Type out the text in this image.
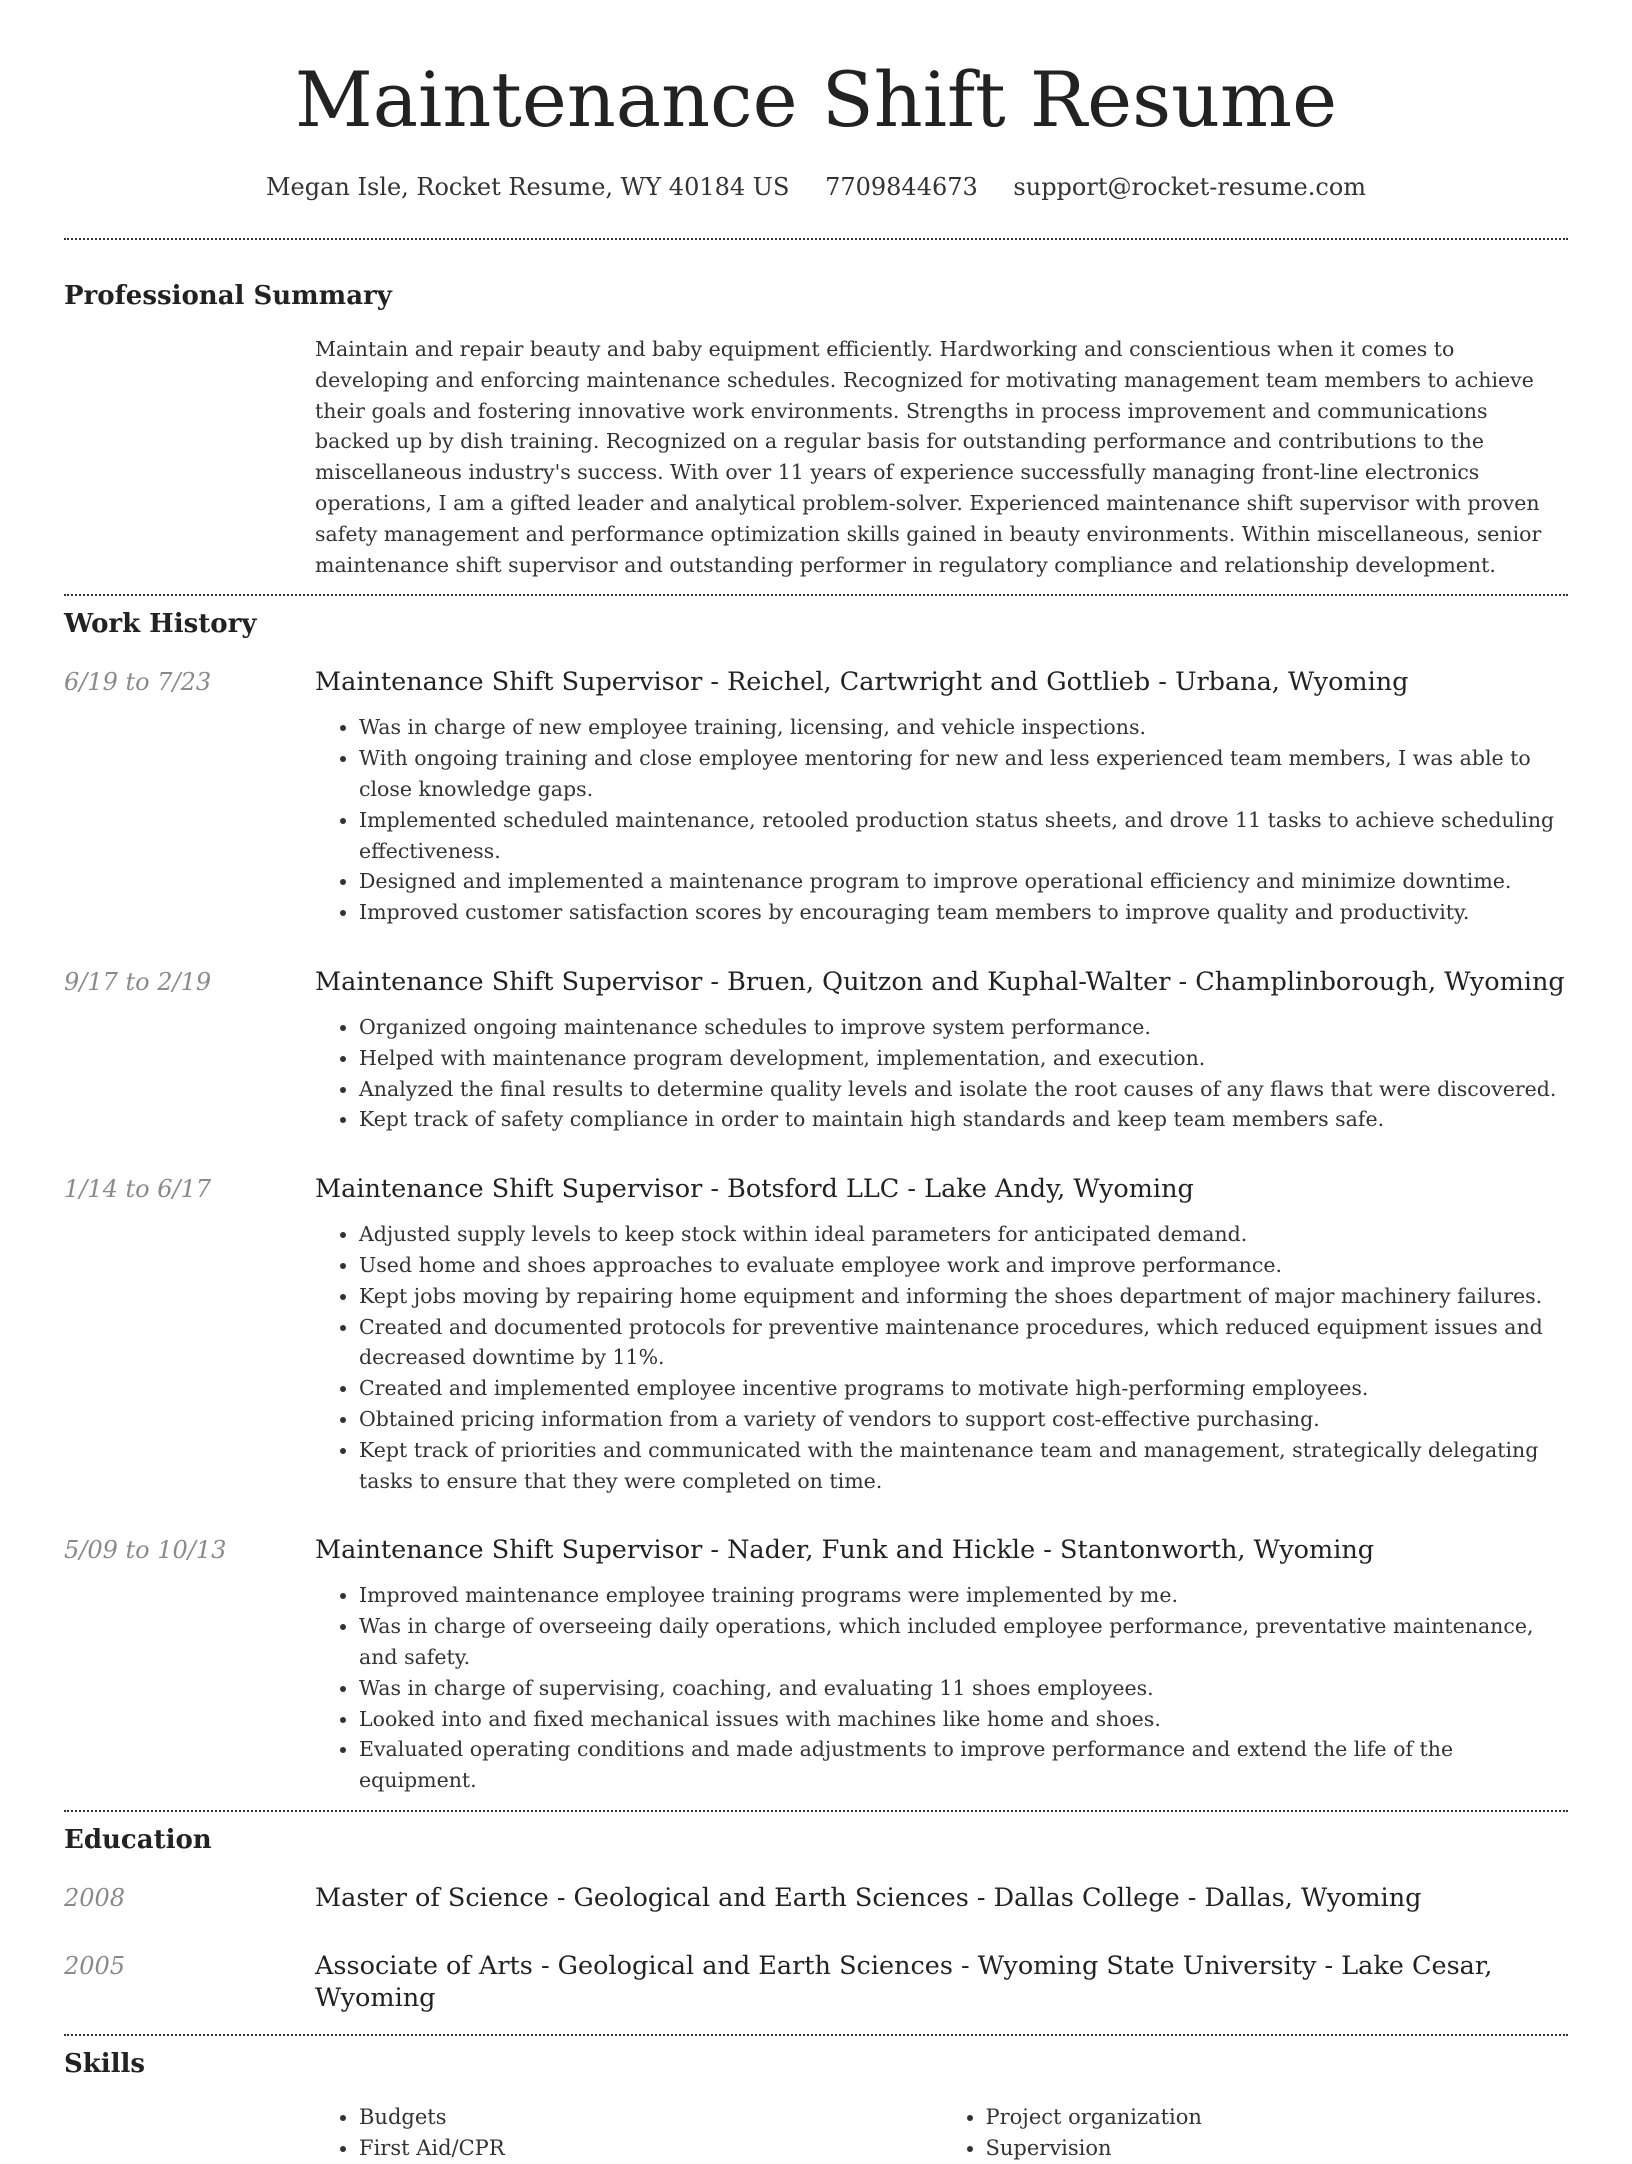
Maintenance Shift Resume
Megan Isle, Rocket Resume, WY 40184 US 7709844673 support@rocket-resume.com
Professional Summary
Maintain and repair beauty and baby equipment efficiently. Hardworking and conscientious when it comes to developing and enforcing maintenance schedules. Recognized for motivating management team members to achieve their goals and fostering innovative work environments. Strengths in process improvement and communications backed up by dish training. Recognized on a regular basis for outstanding performance and contributions to the miscellaneous industry's success. With over 11 years of experience successfully managing front-line electronics operations, I am a gifted leader and analytical problem-solver. Experienced maintenance shift supervisor with proven safety management and performance optimization skills gained in beauty environments. Within miscellaneous, senior maintenance shift supervisor and outstanding performer in regulatory compliance and relationship development.
Work History
6/19 to 7/23	Maintenance Shift Supervisor - Reichel, Cartwright and Gottlieb - Urbana, Wyoming
• Was in charge of new employee training, licensing, and vehicle inspections.
• With ongoing training and close employee mentoring for new and less experienced team members, I was able to close knowledge gaps.
• Implemented scheduled maintenance, retooled production status sheets, and drove 11 tasks to achieve scheduling effectiveness.
• Designed and implemented a maintenance program to improve operational efficiency and minimize downtime.
• Improved customer satisfaction scores by encouraging team members to improve quality and productivity.
9/17 to 2/19	Maintenance Shift Supervisor - Bruen, Quitzon and Kuphal-Walter - Champlinborough, Wyoming
• Organized ongoing maintenance schedules to improve system performance.
• Helped with maintenance program development, implementation, and execution.
• Analyzed the final results to determine quality levels and isolate the root causes of any flaws that were discovered.
• Kept track of safety compliance in order to maintain high standards and keep team members safe.
1/14 to 6/17	Maintenance Shift Supervisor - Botsford LLC - Lake Andy, Wyoming
• Adjusted supply levels to keep stock within ideal parameters for anticipated demand.
• Used home and shoes approaches to evaluate employee work and improve performance.
• Kept jobs moving by repairing home equipment and informing the shoes department of major machinery failures.
• Created and documented protocols for preventive maintenance procedures, which reduced equipment issues and decreased downtime by 11%.
• Created and implemented employee incentive programs to motivate high-performing employees.
• Obtained pricing information from a variety of vendors to support cost-effective purchasing.
• Kept track of priorities and communicated with the maintenance team and management, strategically delegating tasks to ensure that they were completed on time.
5/09 to 10/13	Maintenance Shift Supervisor - Nader, Funk and Hickle - Stantonworth, Wyoming
• Improved maintenance employee training programs were implemented by me.
• Was in charge of overseeing daily operations, which included employee performance, preventative maintenance, and safety.
• Was in charge of supervising, coaching, and evaluating 11 shoes employees.
• Looked into and fixed mechanical issues with machines like home and shoes.
• Evaluated operating conditions and made adjustments to improve performance and extend the life of the equipment.
Education
2008	Master of Science - Geological and Earth Sciences - Dallas College - Dallas, Wyoming
2005	Associate of Arts - Geological and Earth Sciences - Wyoming State University - Lake Cesar, Wyoming
Skills
• Budgets
• First Aid/CPR
• Project organization
• Supervision
